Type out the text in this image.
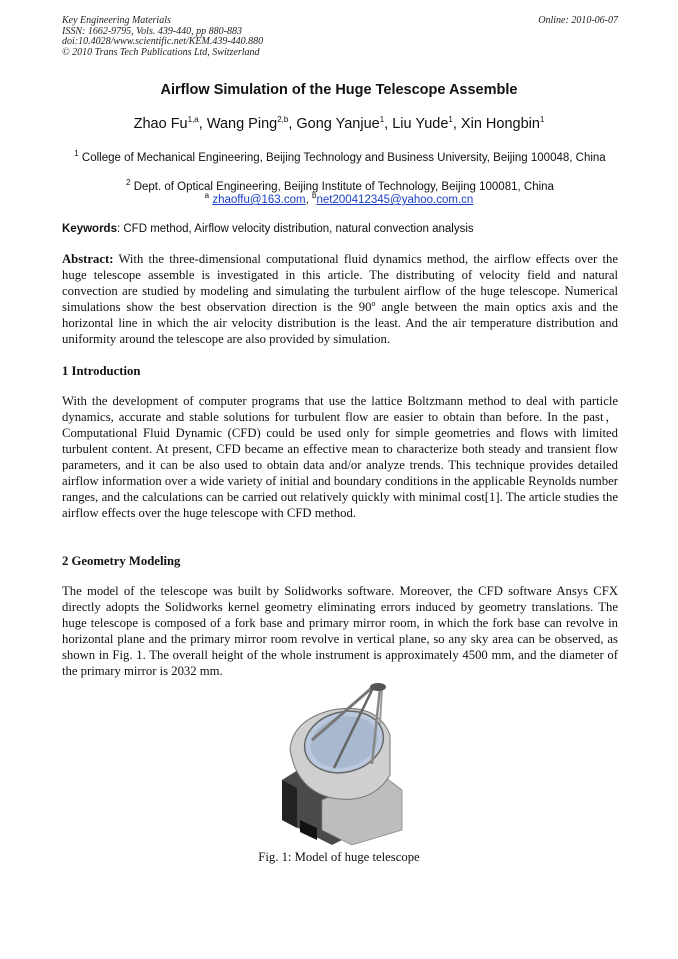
Key Engineering Materials
ISSN: 1662-9795, Vols. 439-440, pp 880-883
doi:10.4028/www.scientific.net/KEM.439-440.880
© 2010 Trans Tech Publications Ltd, Switzerland
Online: 2010-06-07
Airflow Simulation of the Huge Telescope Assemble
Zhao Fu$^{1,a}$, Wang Ping$^{2,b}$, Gong Yanjue$^1$, Liu Yude$^1$, Xin Hongbin$^1$
$^1$ College of Mechanical Engineering, Beijing Technology and Business University, Beijing 100048, China
$^2$ Dept. of Optical Engineering, Beijing Institute of Technology, Beijing 100081, China
$^a$ zhaoffu@163.com, $^b$net200412345@yahoo.com.cn
Keywords: CFD method, Airflow velocity distribution, natural convection analysis
Abstract: With the three-dimensional computational fluid dynamics method, the airflow effects over the huge telescope assemble is investigated in this article. The distributing of velocity field and natural convection are studied by modeling and simulating the turbulent airflow of the huge telescope. Numerical simulations show the best observation direction is the 90$^o$ angle between the main optics axis and the horizontal line in which the air velocity distribution is the least. And the air temperature distribution and uniformity around the telescope are also provided by simulation.
1 Introduction
With the development of computer programs that use the lattice Boltzmann method to deal with particle dynamics, accurate and stable solutions for turbulent flow are easier to obtain than before. In the past，Computational Fluid Dynamic (CFD) could be used only for simple geometries and flows with limited turbulent content. At present, CFD became an effective mean to characterize both steady and transient flow parameters, and it can be also used to obtain data and/or analyze trends. This technique provides detailed airflow information over a wide variety of initial and boundary conditions in the applicable Reynolds number ranges, and the calculations can be carried out relatively quickly with minimal cost[1]. The article studies the airflow effects over the huge telescope with CFD method.
2 Geometry Modeling
The model of the telescope was built by Solidworks software. Moreover, the CFD software Ansys CFX directly adopts the Solidworks kernel geometry eliminating errors induced by geometry translations. The huge telescope is composed of a fork base and primary mirror room, in which the fork base can revolve in horizontal plane and the primary mirror room revolve in vertical plane, so any sky area can be observed, as shown in Fig. 1. The overall height of the whole instrument is approximately 4500 mm, and the diameter of the primary mirror is 2032 mm.
Fig. 1: Model of huge telescope
